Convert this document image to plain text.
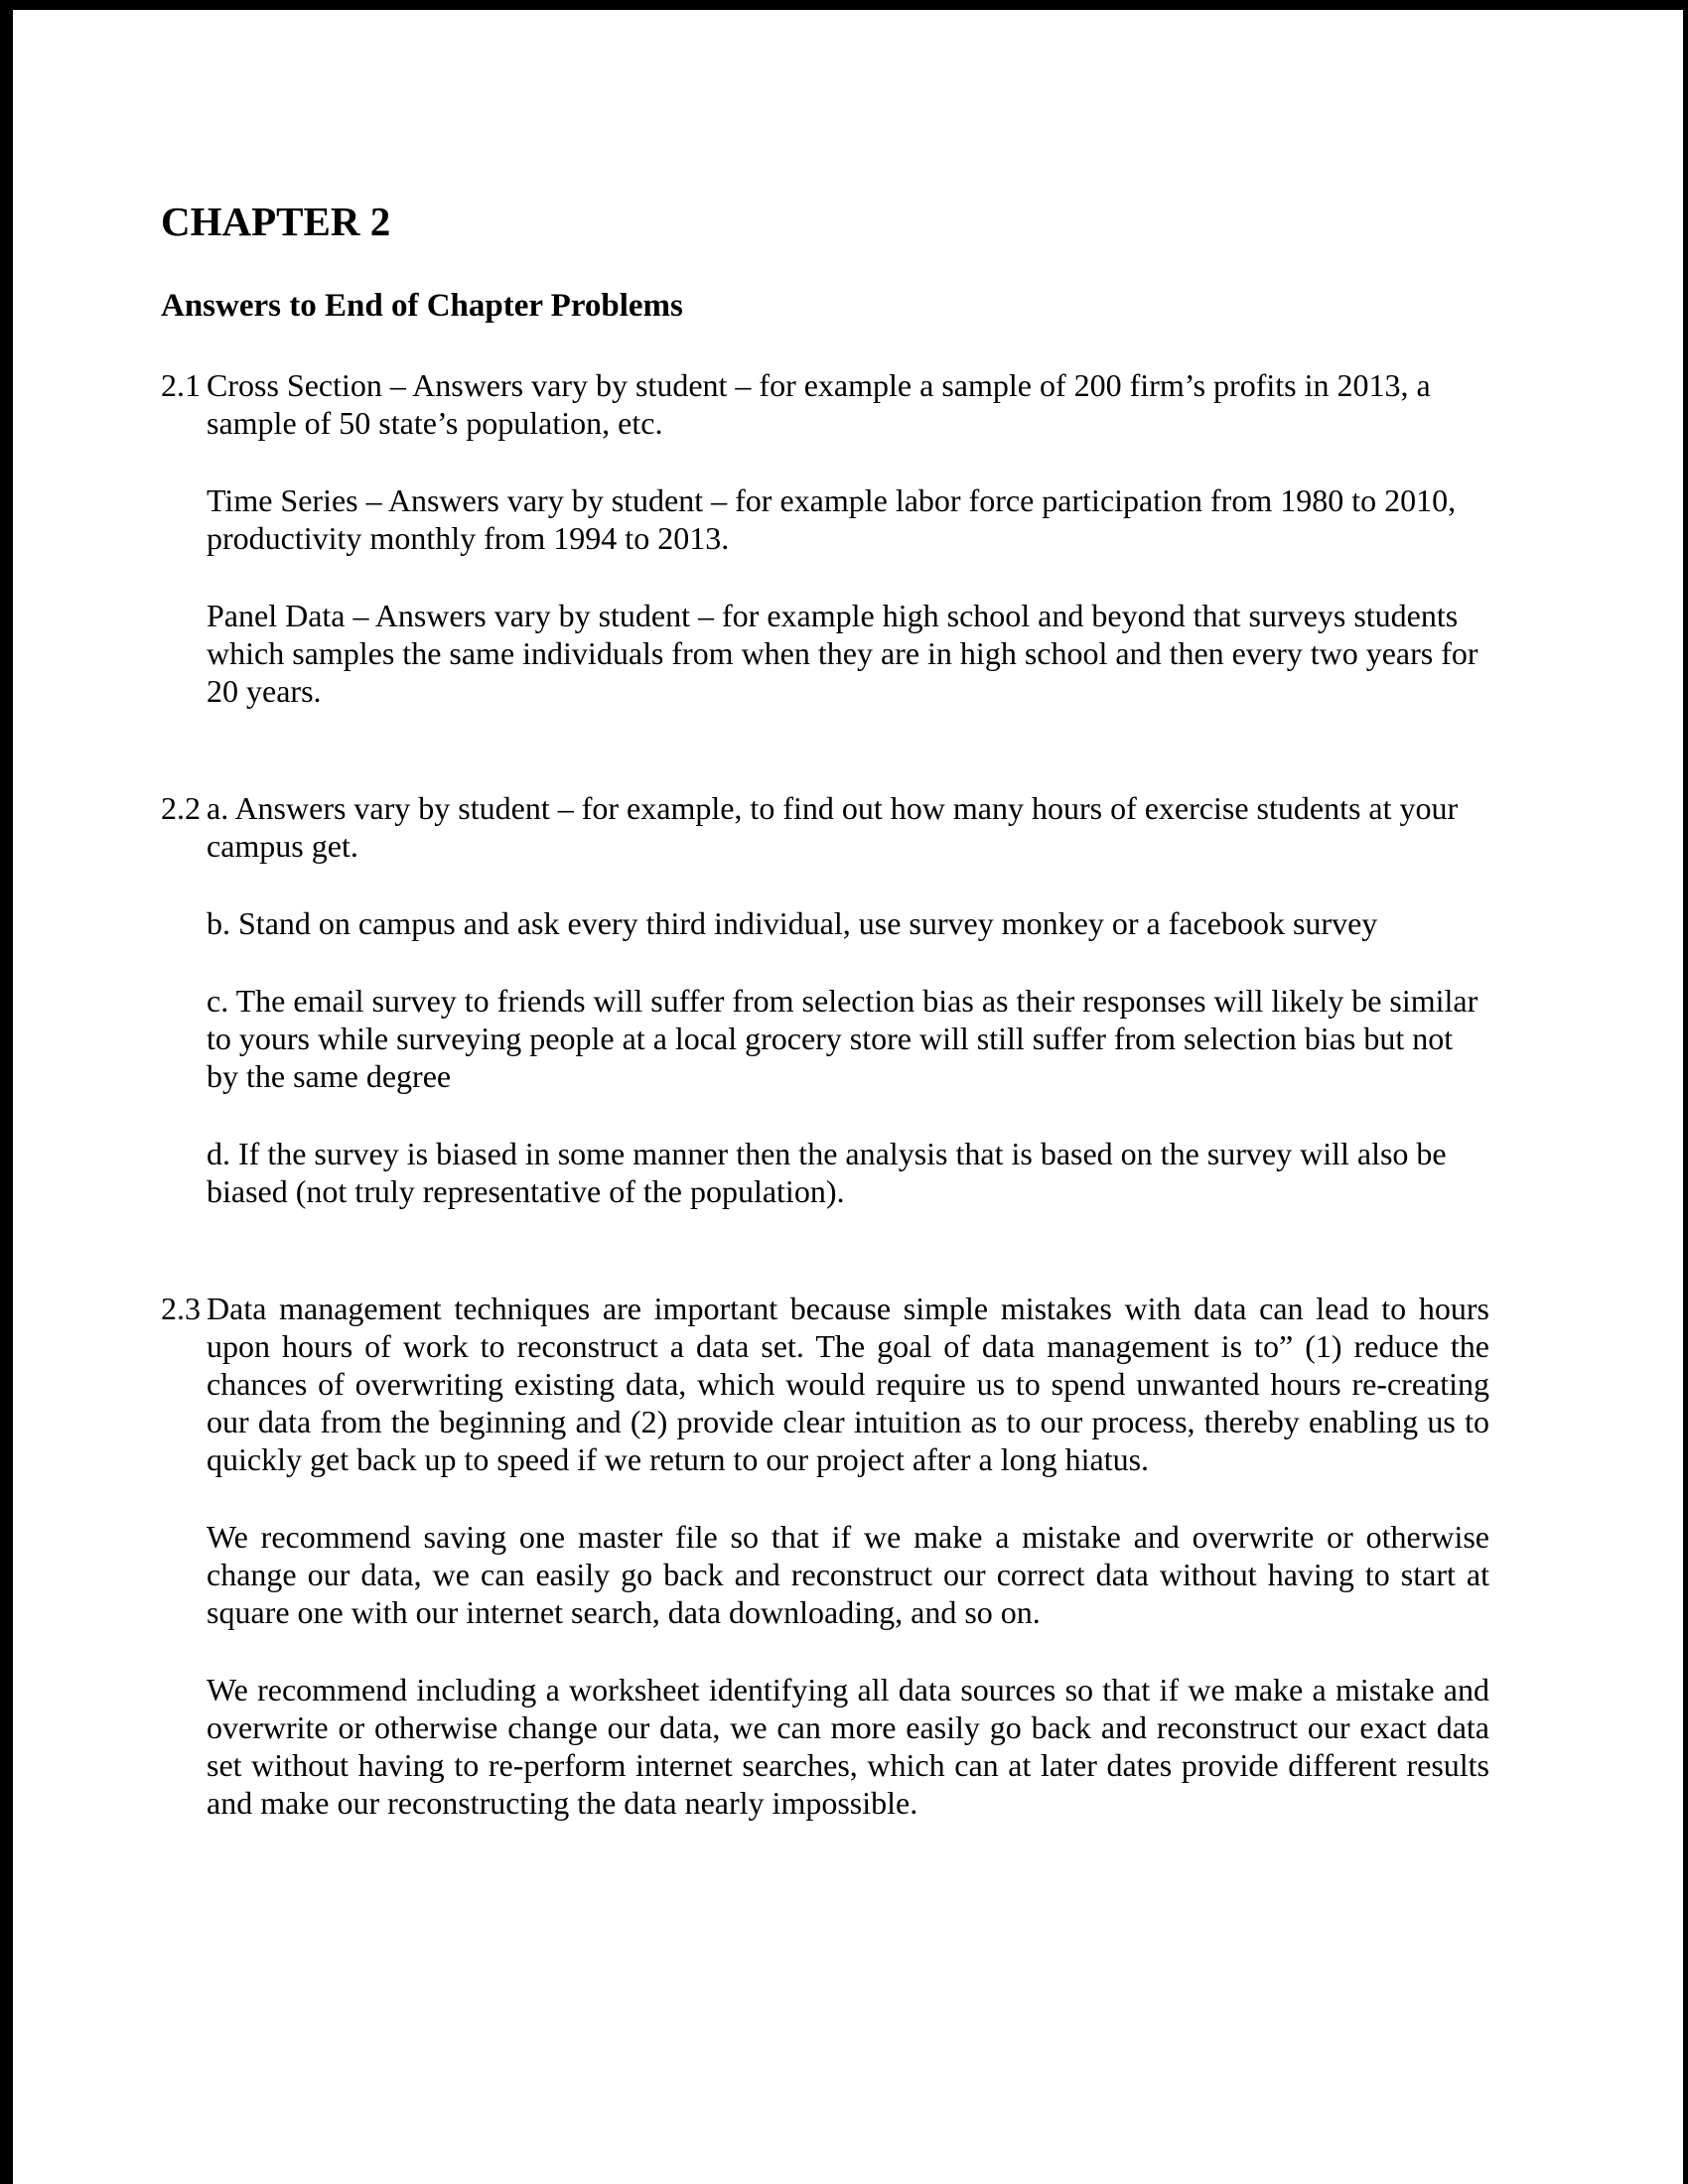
CHAPTER 2
Answers to End of Chapter Problems
2.1 Cross Section – Answers vary by student – for example a sample of 200 firm’s profits in 2013, a sample of 50 state’s population, etc.

Time Series – Answers vary by student – for example labor force participation from 1980 to 2010, productivity monthly from 1994 to 2013.

Panel Data – Answers vary by student – for example high school and beyond that surveys students which samples the same individuals from when they are in high school and then every two years for 20 years.

2.2 a. Answers vary by student – for example, to find out how many hours of exercise students at your campus get.

b. Stand on campus and ask every third individual, use survey monkey or a facebook survey

c. The email survey to friends will suffer from selection bias as their responses will likely be similar to yours while surveying people at a local grocery store will still suffer from selection bias but not by the same degree

d. If the survey is biased in some manner then the analysis that is based on the survey will also be biased (not truly representative of the population).

2.3 Data management techniques are important because simple mistakes with data can lead to hours upon hours of work to reconstruct a data set. The goal of data management is to” (1) reduce the chances of overwriting existing data, which would require us to spend unwanted hours re-creating our data from the beginning and (2) provide clear intuition as to our process, thereby enabling us to quickly get back up to speed if we return to our project after a long hiatus.

We recommend saving one master file so that if we make a mistake and overwrite or otherwise change our data, we can easily go back and reconstruct our correct data without having to start at square one with our internet search, data downloading, and so on.

We recommend including a worksheet identifying all data sources so that if we make a mistake and overwrite or otherwise change our data, we can more easily go back and reconstruct our exact data set without having to re-perform internet searches, which can at later dates provide different results and make our reconstructing the data nearly impossible.
